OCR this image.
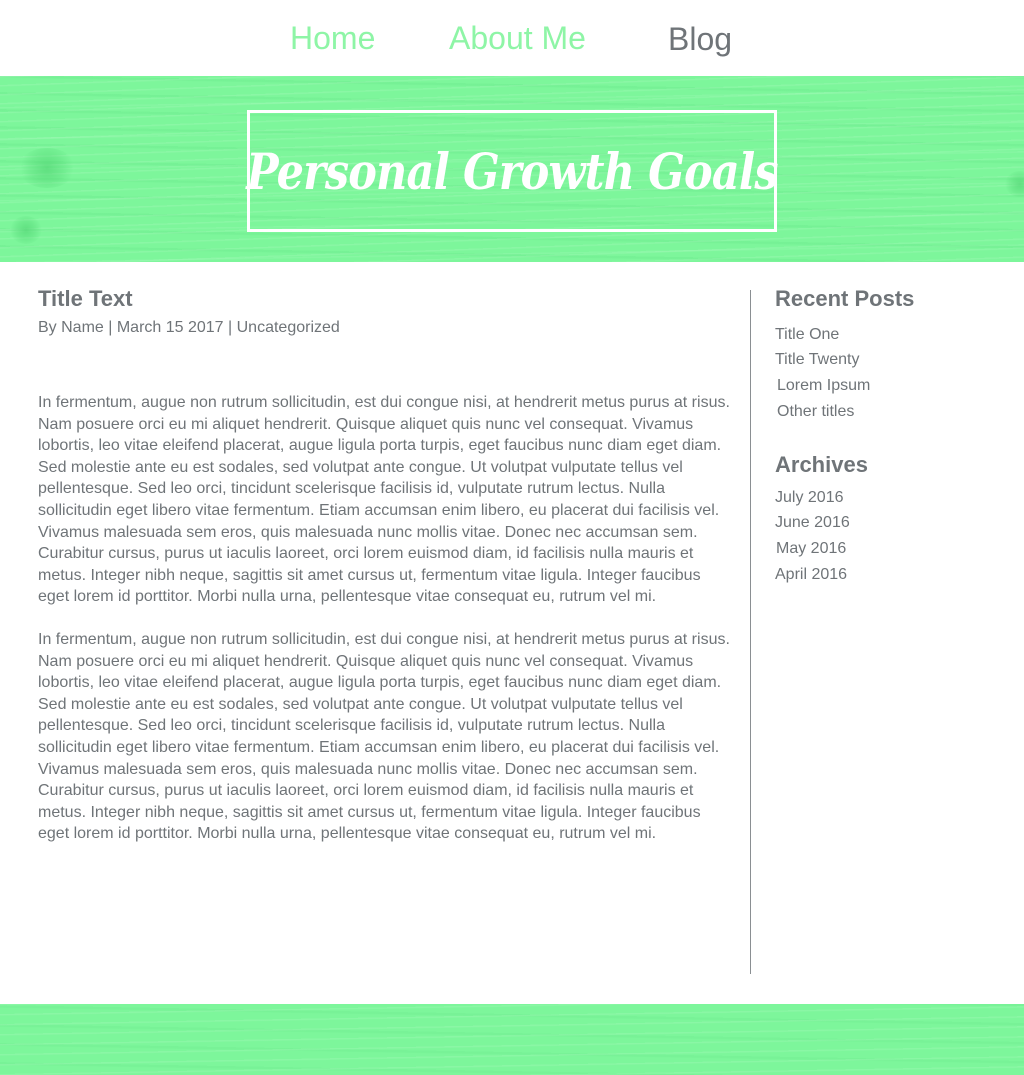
Home About Me	Blog
Personal Growth Goals
Title Text
By Name | March 15 2017 | Uncategorized

In fermentum, augue non rutrum sollicitudin, est dui congue nisi, at hendrerit metus purus at risus. Nam posuere orci eu mi aliquet hendrerit. Quisque aliquet quis nunc vel consequat. Vivamus lobortis, leo vitae eleifend placerat, augue ligula porta turpis, eget faucibus nunc diam eget diam. Sed molestie ante eu est sodales, sed volutpat ante congue. Ut volutpat vulputate tellus vel pellentesque. Sed leo orci, tincidunt scelerisque facilisis id, vulputate rutrum lectus. Nulla sollicitudin eget libero vitae fermentum. Etiam accumsan enim libero, eu placerat dui facilisis vel. Vivamus malesuada sem eros, quis malesuada nunc mollis vitae. Donec nec accumsan sem. Curabitur cursus, purus ut iaculis laoreet, orci lorem euismod diam, id facilisis nulla mauris et metus. Integer nibh neque, sagittis sit amet cursus ut, fermentum vitae ligula. Integer faucibus eget lorem id porttitor. Morbi nulla urna, pellentesque vitae consequat eu, rutrum vel mi.

In fermentum, augue non rutrum sollicitudin, est dui congue nisi, at hendrerit metus purus at risus. Nam posuere orci eu mi aliquet hendrerit. Quisque aliquet quis nunc vel consequat. Vivamus lobortis, leo vitae eleifend placerat, augue ligula porta turpis, eget faucibus nunc diam eget diam. Sed molestie ante eu est sodales, sed volutpat ante congue. Ut volutpat vulputate tellus vel pellentesque. Sed leo orci, tincidunt scelerisque facilisis id, vulputate rutrum lectus. Nulla sollicitudin eget libero vitae fermentum. Etiam accumsan enim libero, eu placerat dui facilisis vel. Vivamus malesuada sem eros, quis malesuada nunc mollis vitae. Donec nec accumsan sem. Curabitur cursus, purus ut iaculis laoreet, orci lorem euismod diam, id facilisis nulla mauris et metus. Integer nibh neque, sagittis sit amet cursus ut, fermentum vitae ligula. Integer faucibus eget lorem id porttitor. Morbi nulla urna, pellentesque vitae consequat eu, rutrum vel mi.

Recent Posts
Title One
Title Twenty
Lorem Ipsum
Other titles
Archives
July 2016
June 2016
May 2016
April 2016
